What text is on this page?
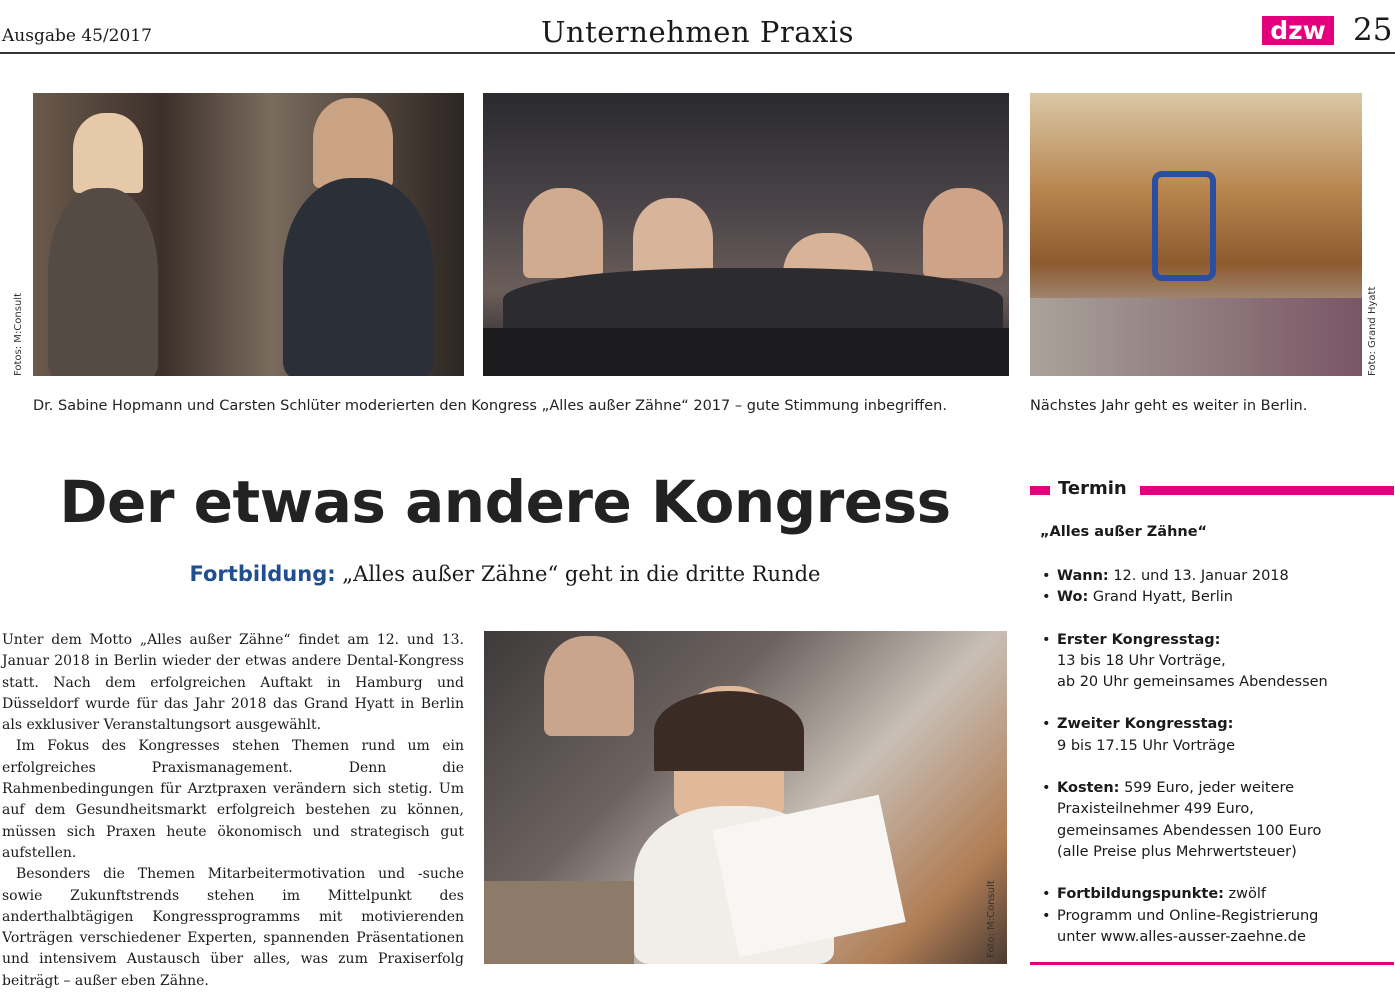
Ausgabe 45/2017	Unternehmen Praxis	dzw 25
Fotos: M:Consult	Foto: Grand Hyatt
Dr. Sabine Hopmann und Carsten Schlüter moderierten den Kongress „Alles außer Zähne“ 2017 – gute Stimmung inbegriffen.	Nächstes Jahr geht es weiter in Berlin.
Der etwas andere Kongress
Fortbildung: „Alles außer Zähne“ geht in die dritte Runde

Unter dem Motto „Alles außer Zähne“ findet am 12. und 13. Januar 2018 in Berlin wieder der etwas andere Dental-Kongress statt. Nach dem erfolgreichen Auftakt in Hamburg und Düsseldorf wurde für das Jahr 2018 das Grand Hyatt in Berlin als exklusiver Veranstaltungsort ausgewählt.

Im Fokus des Kongresses stehen Themen rund um ein erfolgreiches Praxismanagement. Denn die Rahmenbedingungen für Arztpraxen verändern sich stetig. Um auf dem Gesundheitsmarkt erfolgreich bestehen zu können, müssen sich Praxen heute ökonomisch und strategisch gut aufstellen.

Besonders die Themen Mitarbeitermotivation und -suche sowie Zukunftstrends stehen im Mittelpunkt des anderthalbtägigen Kongressprogramms mit motivierenden Vorträgen verschiedener Experten, spannenden Präsentationen und intensivem Austausch über alles, was zum Praxiserfolg beiträgt – außer eben Zähne.

Foto: M:Consult
Termin
„Alles außer Zähne“
• Wann: 12. und 13. Januar 2018
• Wo: Grand Hyatt, Berlin
• Erster Kongresstag:
13 bis 18 Uhr Vorträge,
ab 20 Uhr gemeinsames Abendessen
• Zweiter Kongresstag:
9 bis 17.15 Uhr Vorträge
• Kosten: 599 Euro, jeder weitere Praxisteilnehmer 499 Euro, gemeinsames Abendessen 100 Euro (alle Preise plus Mehrwertsteuer)
• Fortbildungspunkte: zwölf
• Programm und Online-Registrierung
unter www.alles-ausser-zaehne.de
